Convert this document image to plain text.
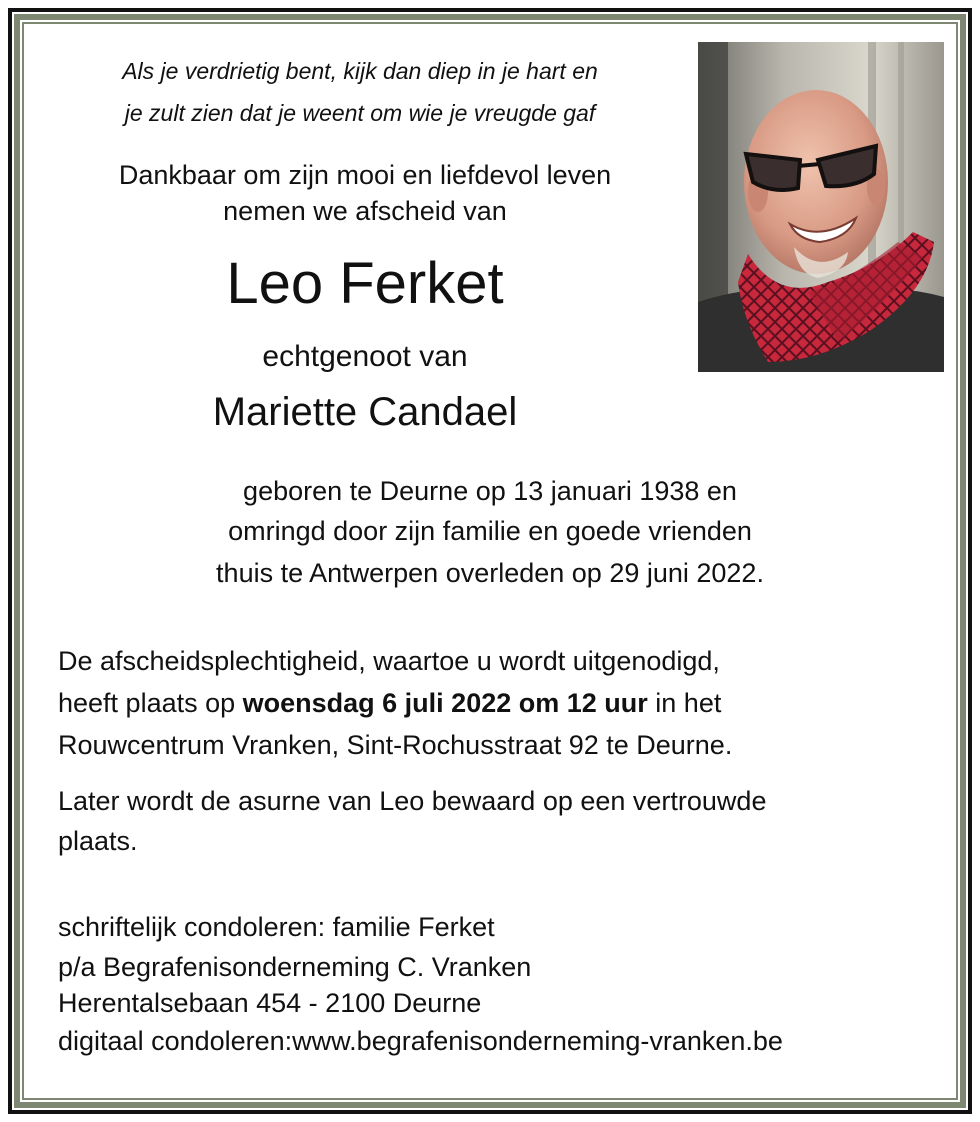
Als je verdrietig bent, kijk dan diep in je hart en

je zult zien dat je weent om wie je vreugde gaf

Dankbaar om zijn mooi en liefdevol leven

nemen we afscheid van

Leo Ferket

echtgenoot van

Mariette Candael

geboren te Deurne op 13 januari 1938 en

omringd door zijn familie en goede vrienden

thuis te Antwerpen overleden op 29 juni 2022.

De afscheidsplechtigheid, waartoe u wordt uitgenodigd,

heeft plaats op woensdag 6 juli 2022 om 12 uur in het

Rouwcentrum Vranken, Sint-Rochusstraat 92 te Deurne.

Later wordt de asurne van Leo bewaard op een vertrouwde

plaats.

schriftelijk condoleren: familie Ferket

p/a Begrafenisonderneming C. Vranken

Herentalsebaan 454 - 2100 Deurne

digitaal condoleren:www.begrafenisonderneming-vranken.be
